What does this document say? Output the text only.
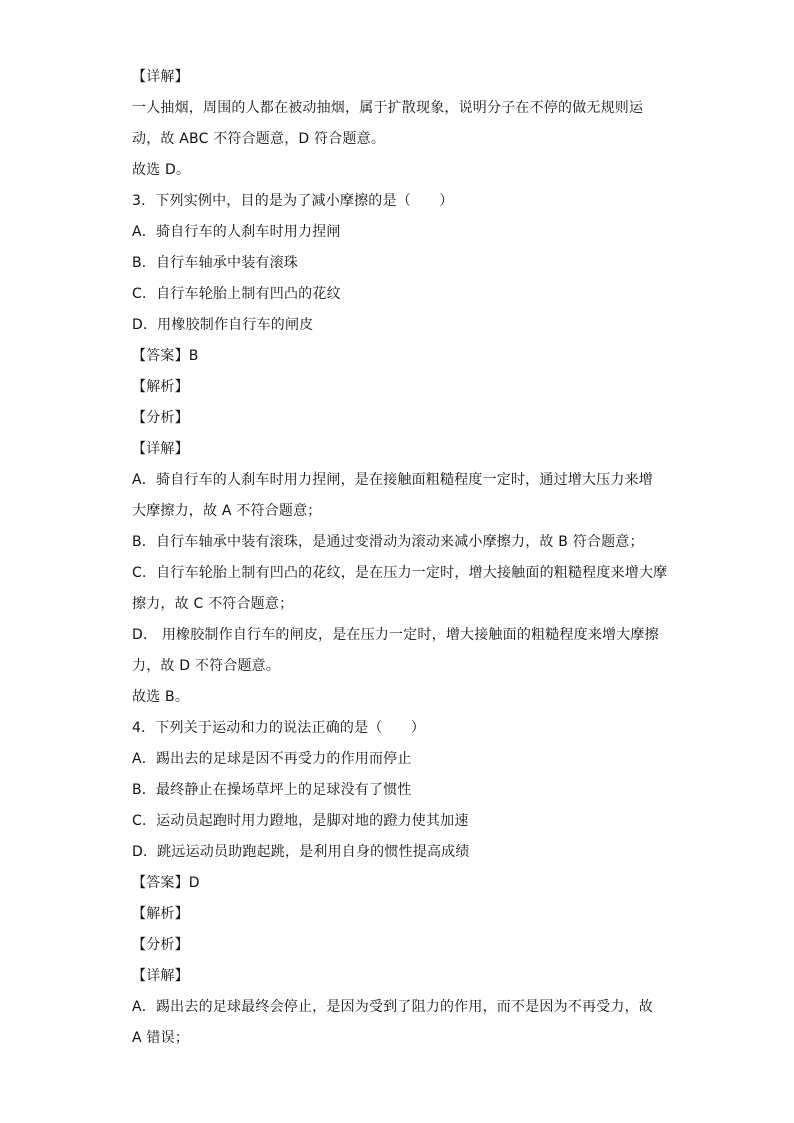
【详解】
一人抽烟，周围的人都在被动抽烟，属于扩散现象，说明分子在不停的做无规则运
动，故 ABC 不符合题意，D 符合题意。
故选 D。
3．下列实例中，目的是为了减小摩擦的是（　　）
A．骑自行车的人刹车时用力捏闸
B．自行车轴承中装有滚珠
C．自行车轮胎上制有凹凸的花纹
D．用橡胶制作自行车的闸皮
【答案】B
【解析】
【分析】
【详解】
A．骑自行车的人刹车时用力捏闸，是在接触面粗糙程度一定时，通过增大压力来增
大摩擦力，故 A 不符合题意；
B．自行车轴承中装有滚珠，是通过变滑动为滚动来减小摩擦力，故 B 符合题意；
C．自行车轮胎上制有凹凸的花纹，是在压力一定时，增大接触面的粗糙程度来增大摩
擦力，故 C 不符合题意；
D． 用橡胶制作自行车的闸皮，是在压力一定时，增大接触面的粗糙程度来增大摩擦
力，故 D 不符合题意。
故选 B。
4．下列关于运动和力的说法正确的是（　　）
A．踢出去的足球是因不再受力的作用而停止
B．最终静止在操场草坪上的足球没有了惯性
C．运动员起跑时用力蹬地，是脚对地的蹬力使其加速
D．跳远运动员助跑起跳，是利用自身的惯性提高成绩
【答案】D
【解析】
【分析】
【详解】
A．踢出去的足球最终会停止，是因为受到了阻力的作用，而不是因为不再受力，故
A 错误；
